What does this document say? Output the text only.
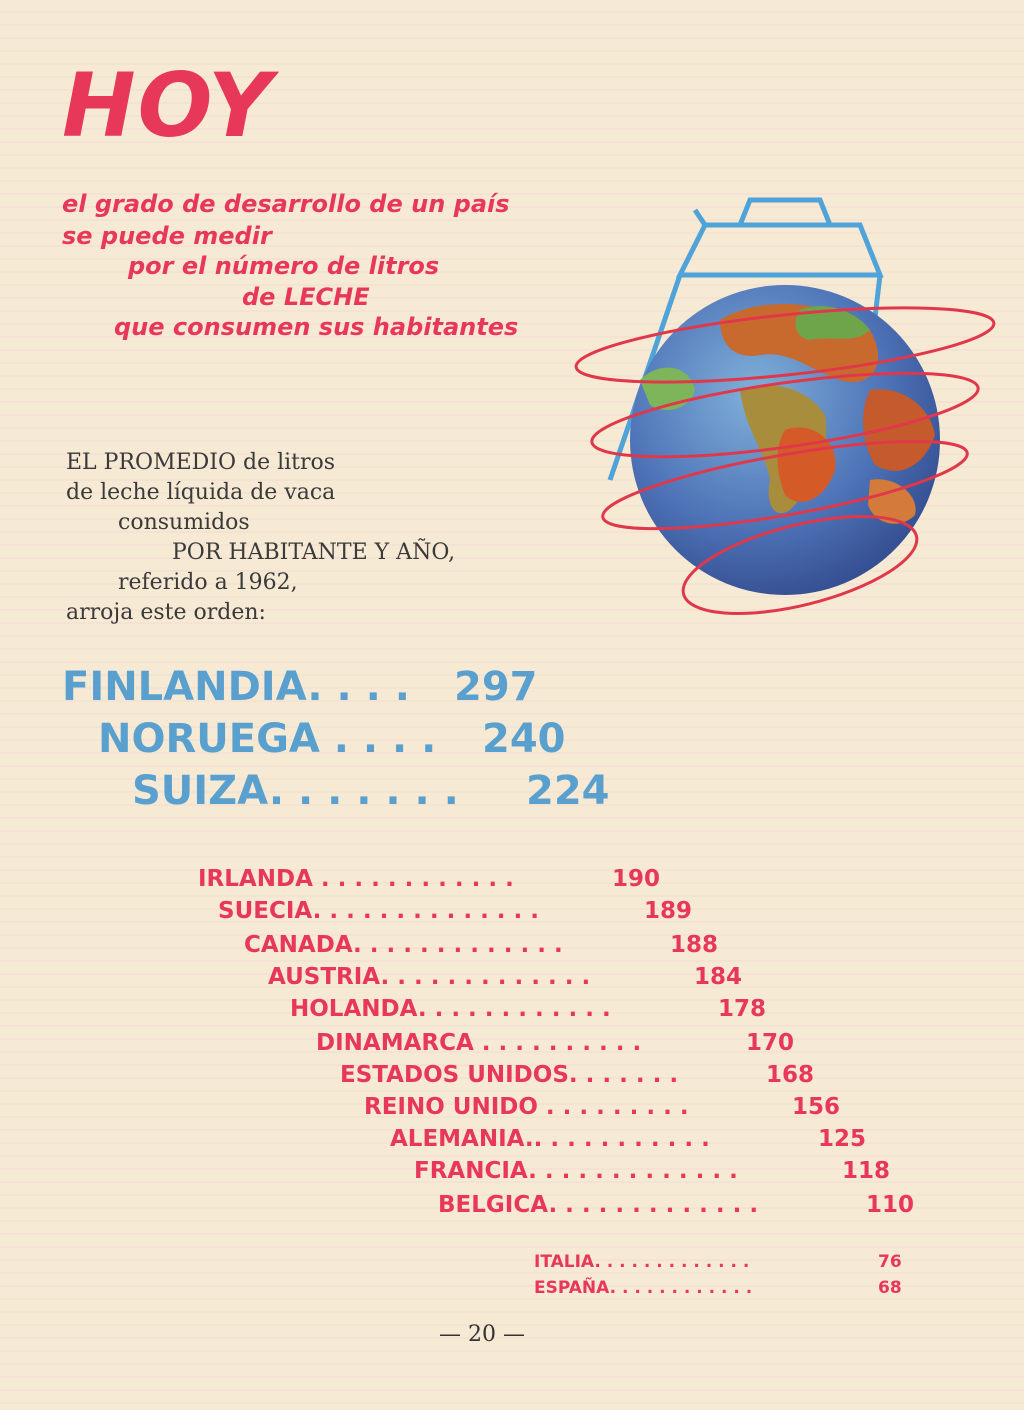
HOY
el grado de desarrollo de un país
se puede medir
por el número de litros
de LECHE
que consumen sus habitantes
EL PROMEDIO de litros
de leche líquida de vaca
consumidos
POR HABITANTE Y AÑO,
referido a 1962,
arroja este orden:
FINLANDIA. . . . 297
NORUEGA . . . . 240
SUIZA. . . . . . . 224
IRLANDA . . . . . . . . . . . .	190
SUECIA. . . . . . . . . . . . . .	189
CANADA. . . . . . . . . . . . .	188
AUSTRIA. . . . . . . . . . . . .	184
HOLANDA. . . . . . . . . . . .	178
DINAMARCA . . . . . . . . . .	170
ESTADOS UNIDOS. . . . . . .	168
REINO UNIDO . . . . . . . . .	156
ALEMANIA.. . . . . . . . . . .	125
FRANCIA. . . . . . . . . . . . .	118
BELGICA. . . . . . . . . . . . .	110
ITALIA. . . . . . . . . . . . .	76
ESPAÑA. . . . . . . . . . . .	68
— 20 —
